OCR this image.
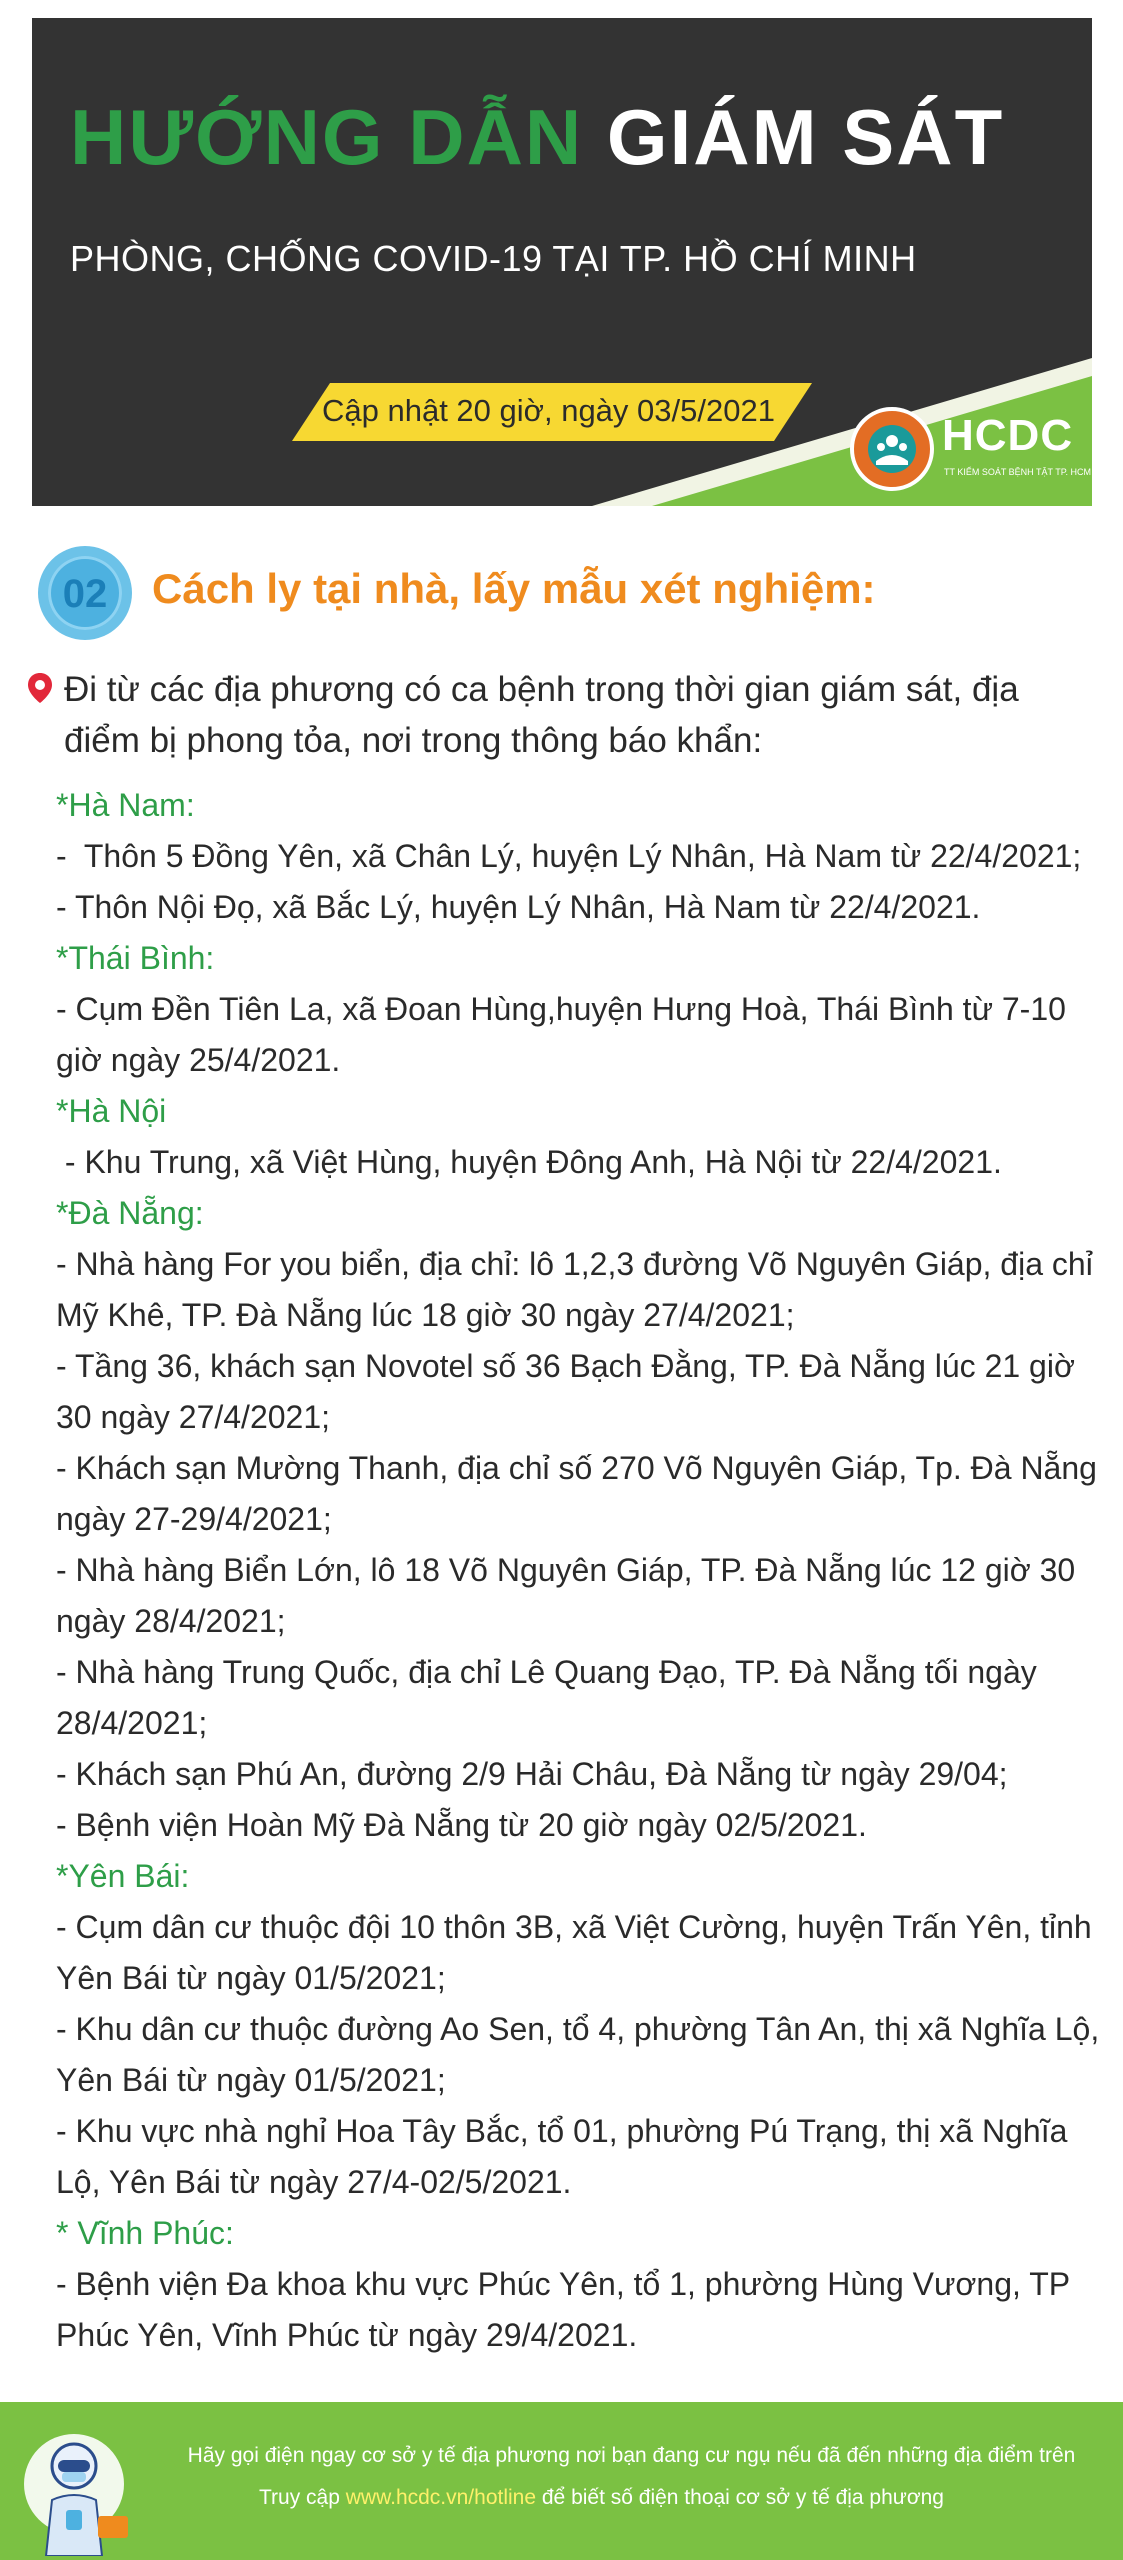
HƯỚNG DẪN GIÁM SÁT
PHÒNG, CHỐNG COVID-19 TẠI TP. HỒ CHÍ MINH
Cập nhật 20 giờ, ngày 03/5/2021
HCDC
TT KIỂM SOÁT BỆNH TẬT TP. HCM
02	Cách ly tại nhà, lấy mẫu xét nghiệm:
Đi từ các địa phương có ca bệnh trong thời gian giám sát, địa điểm bị phong tỏa, nơi trong thông báo khẩn:
*Hà Nam:
-  Thôn 5 Đồng Yên, xã Chân Lý, huyện Lý Nhân, Hà Nam từ 22/4/2021;
- Thôn Nội Đọ, xã Bắc Lý, huyện Lý Nhân, Hà Nam từ 22/4/2021.
*Thái Bình:
- Cụm Đền Tiên La, xã Đoan Hùng,huyện Hưng Hoà, Thái Bình từ 7-10 giờ ngày 25/4/2021.
*Hà Nội
- Khu Trung, xã Việt Hùng, huyện Đông Anh, Hà Nội từ 22/4/2021.
*Đà Nẵng:
- Nhà hàng For you biển, địa chỉ: lô 1,2,3 đường Võ Nguyên Giáp, địa chỉ Mỹ Khê, TP. Đà Nẵng lúc 18 giờ 30 ngày 27/4/2021;
- Tầng 36, khách sạn Novotel số 36 Bạch Đằng, TP. Đà Nẵng lúc 21 giờ 30 ngày 27/4/2021;
- Khách sạn Mường Thanh, địa chỉ số 270 Võ Nguyên Giáp, Tp. Đà Nẵng ngày 27-29/4/2021;
- Nhà hàng Biển Lớn, lô 18 Võ Nguyên Giáp, TP. Đà Nẵng lúc 12 giờ 30 ngày 28/4/2021;
- Nhà hàng Trung Quốc, địa chỉ Lê Quang Đạo, TP. Đà Nẵng tối ngày 28/4/2021;
- Khách sạn Phú An, đường 2/9 Hải Châu, Đà Nẵng từ ngày 29/04;
- Bệnh viện Hoàn Mỹ Đà Nẵng từ 20 giờ ngày 02/5/2021.
*Yên Bái:
- Cụm dân cư thuộc đội 10 thôn 3B, xã Việt Cường, huyện Trấn Yên, tỉnh Yên Bái từ ngày 01/5/2021;
- Khu dân cư thuộc đường Ao Sen, tổ 4, phường Tân An, thị xã Nghĩa Lộ, Yên Bái từ ngày 01/5/2021;
- Khu vực nhà nghỉ Hoa Tây Bắc, tổ 01, phường Pú Trạng, thị xã Nghĩa Lộ, Yên Bái từ ngày 27/4-02/5/2021.
* Vĩnh Phúc:
- Bệnh viện Đa khoa khu vực Phúc Yên, tổ 1, phường Hùng Vương, TP Phúc Yên, Vĩnh Phúc từ ngày 29/4/2021.
Hãy gọi điện ngay cơ sở y tế địa phương nơi bạn đang cư ngụ nếu đã đến những địa điểm trên
Truy cập www.hcdc.vn/hotline để biết số điện thoại cơ sở y tế địa phương
